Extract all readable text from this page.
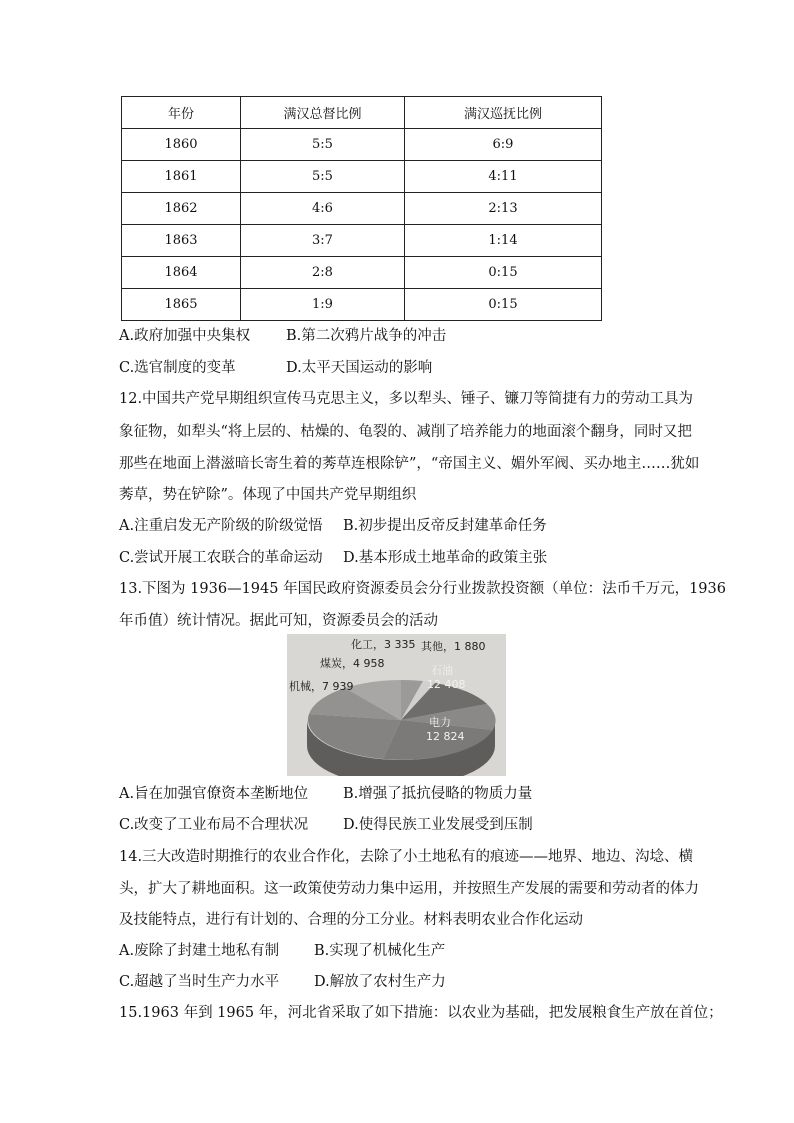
年份	满汉总督比例	满汉巡抚比例
1860	5:5	6:9
1861	5:5	4:11
1862	4:6	2:13
1863	3:7	1:14
1864	2:8	0:15
1865	1:9	0:15
A.政府加强中央集权 B.第二次鸦片战争的冲击
C.选官制度的变革	D.太平天国运动的影响
12.中国共产党早期组织宣传马克思主义，多以犁头、锤子、镰刀等简捷有力的劳动工具为
象征物，如犁头“将上层的、枯燥的、龟裂的、减削了培养能力的地面滚个翻身，同时又把
那些在地面上潜滋暗长寄生着的莠草连根除铲”，“帝国主义、媚外军阀、买办地主……犹如
莠草，势在铲除”。体现了中国共产党早期组织
A.注重启发无产阶级的阶级觉悟 B.初步提出反帝反封建革命任务
C.尝试开展工农联合的革命运动 D.基本形成土地革命的政策主张
13.下图为 1936—1945 年国民政府资源委员会分行业拨款投资额（单位：法币千万元，1936
年币值）统计情况。据此可知，资源委员会的活动
化工，3 335 其他，1 880
煤炭，4 958
机械，7 939
石油
12 408
电力
12 824
A.旨在加强官僚资本垄断地位 B.增强了抵抗侵略的物质力量
C.改变了工业布局不合理状况 D.使得民族工业发展受到压制
14.三大改造时期推行的农业合作化，去除了小土地私有的痕迹——地界、地边、沟埝、横
头，扩大了耕地面积。这一政策使劳动力集中运用，并按照生产发展的需要和劳动者的体力
及技能特点，进行有计划的、合理的分工分业。材料表明农业合作化运动
A.废除了封建土地私有制 B.实现了机械化生产
C.超越了当时生产力水平 D.解放了农村生产力
15.1963 年到 1965 年，河北省采取了如下措施：以农业为基础，把发展粮食生产放在首位；
